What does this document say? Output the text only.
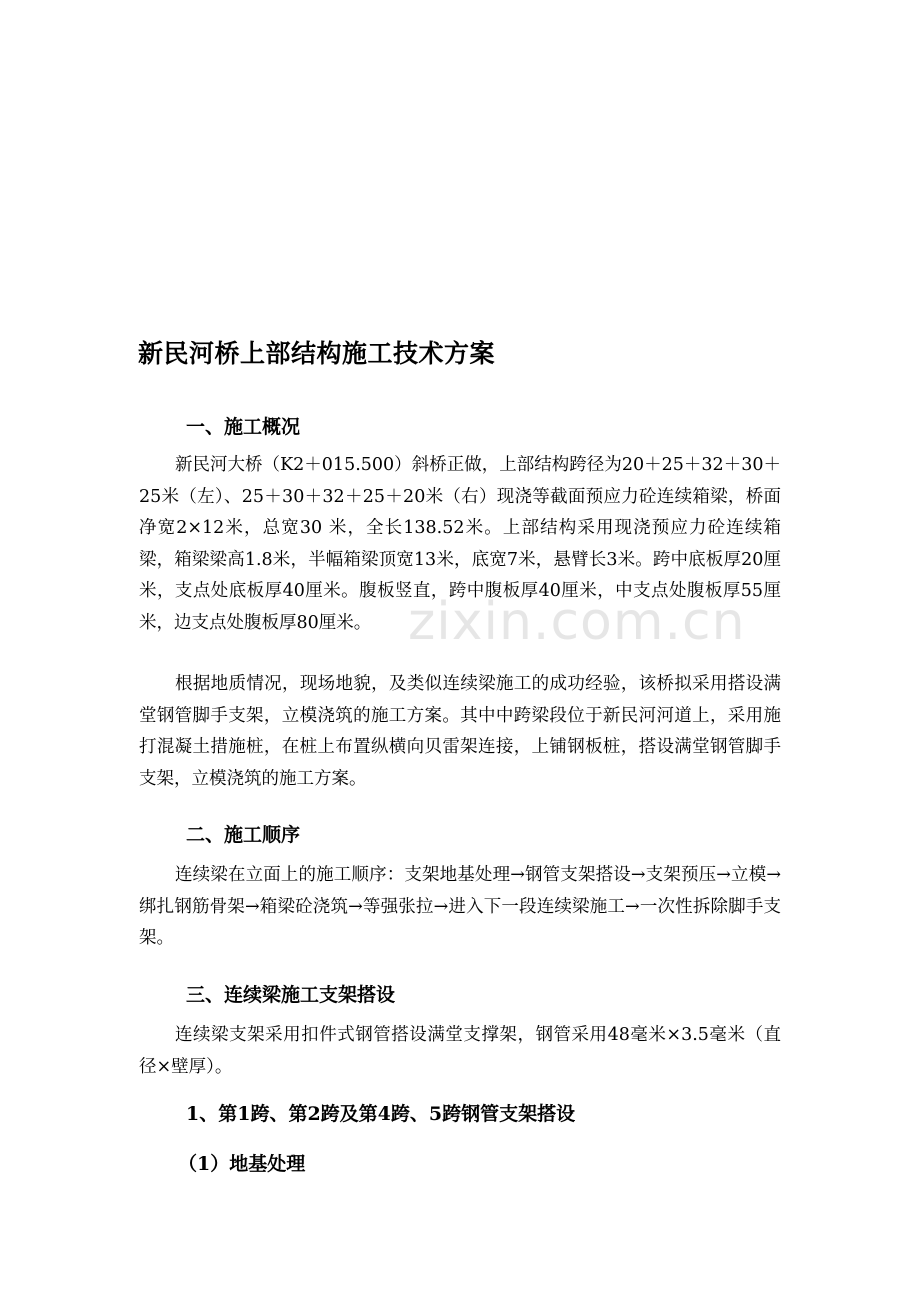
zixin.com.cn
新民河桥上部结构施工技术方案
一、施工概况
新民河大桥（K2＋015.500）斜桥正做，上部结构跨径为20＋25＋32＋30＋25米（左）、25＋30＋32＋25＋20米（右）现浇等截面预应力砼连续箱梁，桥面净宽2×12米，总宽30 米，全长138.52米。上部结构采用现浇预应力砼连续箱梁，箱梁梁高1.8米，半幅箱梁顶宽13米，底宽7米，悬臂长3米。跨中底板厚20厘米，支点处底板厚40厘米。腹板竖直，跨中腹板厚40厘米，中支点处腹板厚55厘米，边支点处腹板厚80厘米。
根据地质情况，现场地貌，及类似连续梁施工的成功经验，该桥拟采用搭设满堂钢管脚手支架，立模浇筑的施工方案。其中中跨梁段位于新民河河道上，采用施打混凝土措施桩，在桩上布置纵横向贝雷架连接，上铺钢板桩，搭设满堂钢管脚手支架，立模浇筑的施工方案。
二、施工顺序
连续梁在立面上的施工顺序：支架地基处理→钢管支架搭设→支架预压→立模→绑扎钢筋骨架→箱梁砼浇筑→等强张拉→进入下一段连续梁施工→一次性拆除脚手支架。
三、连续梁施工支架搭设
连续梁支架采用扣件式钢管搭设满堂支撑架，钢管采用48毫米×3.5毫米（直径×壁厚）。
1、第1跨、第2跨及第4跨、5跨钢管支架搭设
（1）地基处理
